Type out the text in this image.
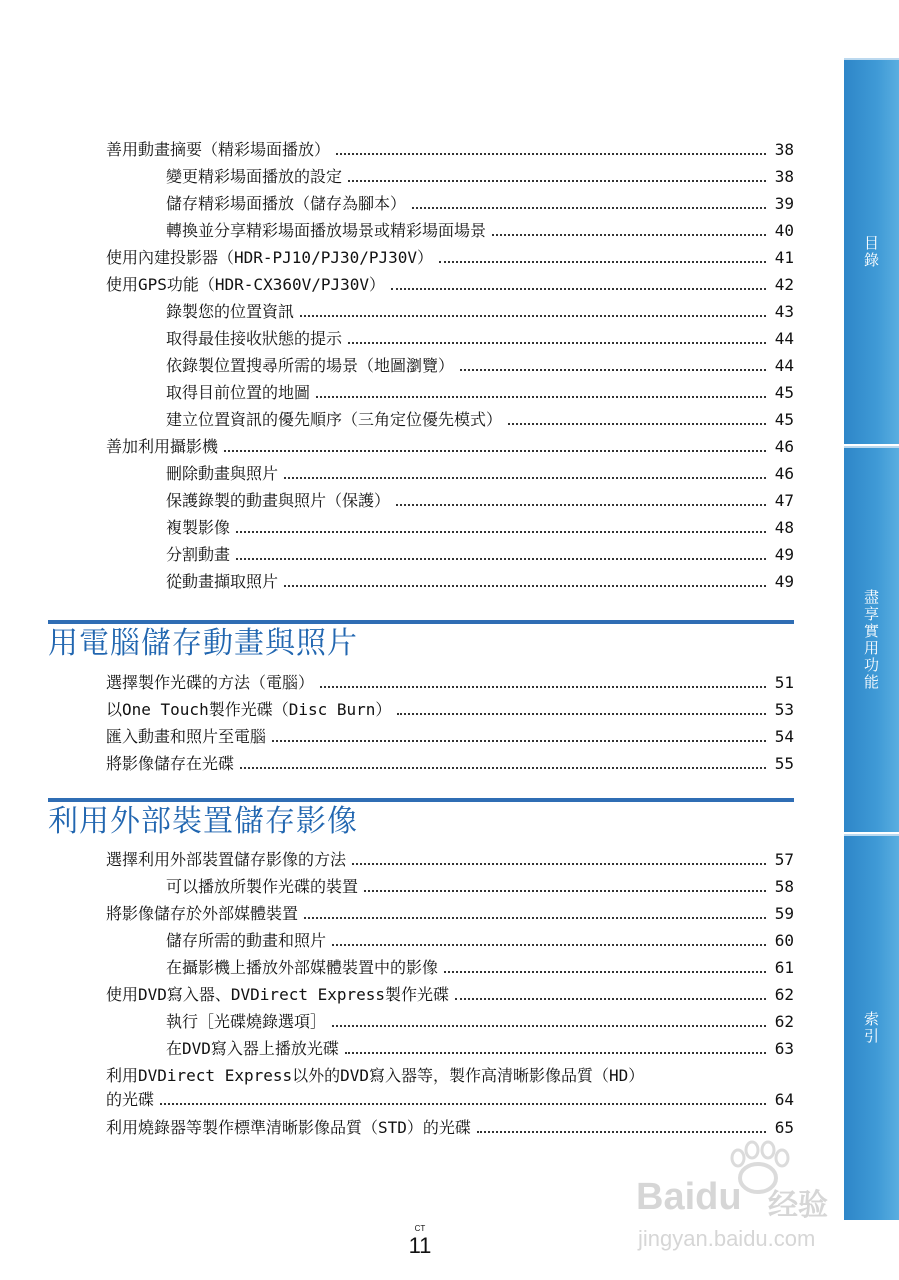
目錄
盡享實用功能
索引
善用動畫摘要（精彩場面播放）	38
變更精彩場面播放的設定	38
儲存精彩場面播放（儲存為腳本）	39
轉換並分享精彩場面播放場景或精彩場面場景	40
使用內建投影器（HDR-PJ10/PJ30/PJ30V）	41
使用GPS功能（HDR-CX360V/PJ30V）	42
錄製您的位置資訊	43
取得最佳接收狀態的提示	44
依錄製位置搜尋所需的場景（地圖瀏覽）	44
取得目前位置的地圖	45
建立位置資訊的優先順序（三角定位優先模式）	45
善加利用攝影機	46
刪除動畫與照片	46
保護錄製的動畫與照片（保護）	47
複製影像	48
分割動畫	49
從動畫擷取照片	49
用電腦儲存動畫與照片
選擇製作光碟的方法（電腦）	51
以One Touch製作光碟（Disc Burn）	53
匯入動畫和照片至電腦	54
將影像儲存在光碟	55
利用外部裝置儲存影像
選擇利用外部裝置儲存影像的方法	57
可以播放所製作光碟的裝置	58
將影像儲存於外部媒體裝置	59
儲存所需的動畫和照片	60
在攝影機上播放外部媒體裝置中的影像	61
使用DVD寫入器、DVDirect Express製作光碟	62
執行［光碟燒錄選項］	62
在DVD寫入器上播放光碟	63
利用DVDirect Express以外的DVD寫入器等，製作高清晰影像品質（HD）
的光碟	64
利用燒錄器等製作標準清晰影像品質（STD）的光碟	65
CT
11
Baidu 经验
jingyan.baidu.com
